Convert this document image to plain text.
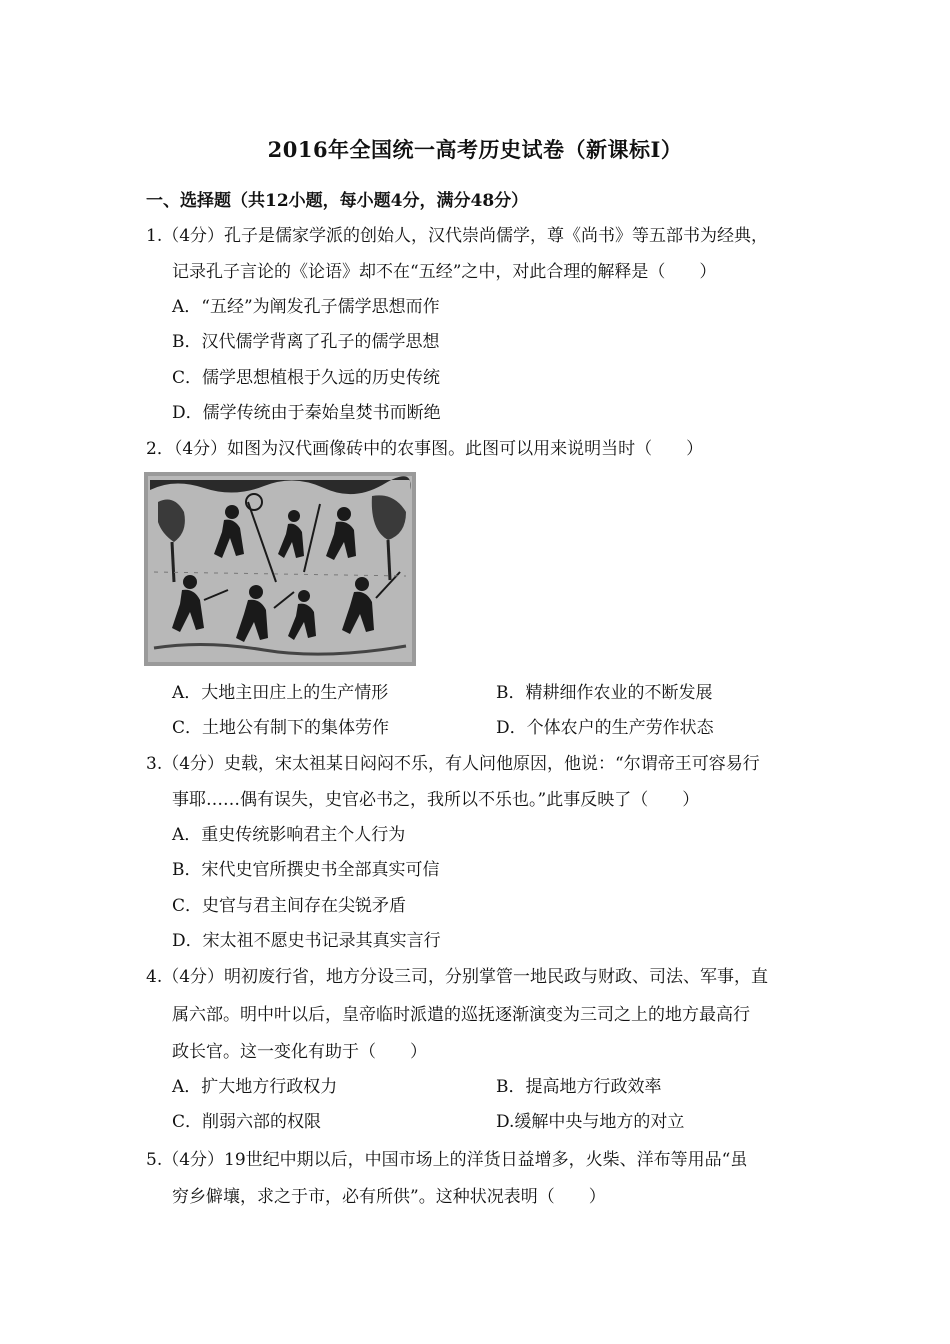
2016年全国统一高考历史试卷（新课标Ⅰ）
一、选择题（共12小题，每小题4分，满分48分）
1.（4分）孔子是儒家学派的创始人，汉代崇尚儒学，尊《尚书》等五部书为经典，
记录孔子言论的《论语》却不在“五经”之中，对此合理的解释是（　　）
A．“五经”为阐发孔子儒学思想而作
B．汉代儒学背离了孔子的儒学思想
C．儒学思想植根于久远的历史传统
D．儒学传统由于秦始皇焚书而断绝
2．（4分）如图为汉代画像砖中的农事图。此图可以用来说明当时（　　）
A．大地主田庄上的生产情形	B．精耕细作农业的不断发展
C．土地公有制下的集体劳作	D．个体农户的生产劳作状态
3.（4分）史载，宋太祖某日闷闷不乐，有人问他原因，他说：“尔谓帝王可容易行
事耶……偶有误失，史官必书之，我所以不乐也。”此事反映了（　　）
A．重史传统影响君主个人行为
B．宋代史官所撰史书全部真实可信
C．史官与君主间存在尖锐矛盾
D．宋太祖不愿史书记录其真实言行
4.（4分）明初废行省，地方分设三司，分别掌管一地民政与财政、司法、军事，直
属六部。明中叶以后，皇帝临时派遣的巡抚逐渐演变为三司之上的地方最高行
政长官。这一变化有助于（　　）
A．扩大地方行政权力	B．提高地方行政效率
C．削弱六部的权限	D.缓解中央与地方的对立
5.（4分）19世纪中期以后，中国市场上的洋货日益增多，火柴、洋布等用品“虽
穷乡僻壤，求之于市，必有所供”。这种状况表明（　　）
